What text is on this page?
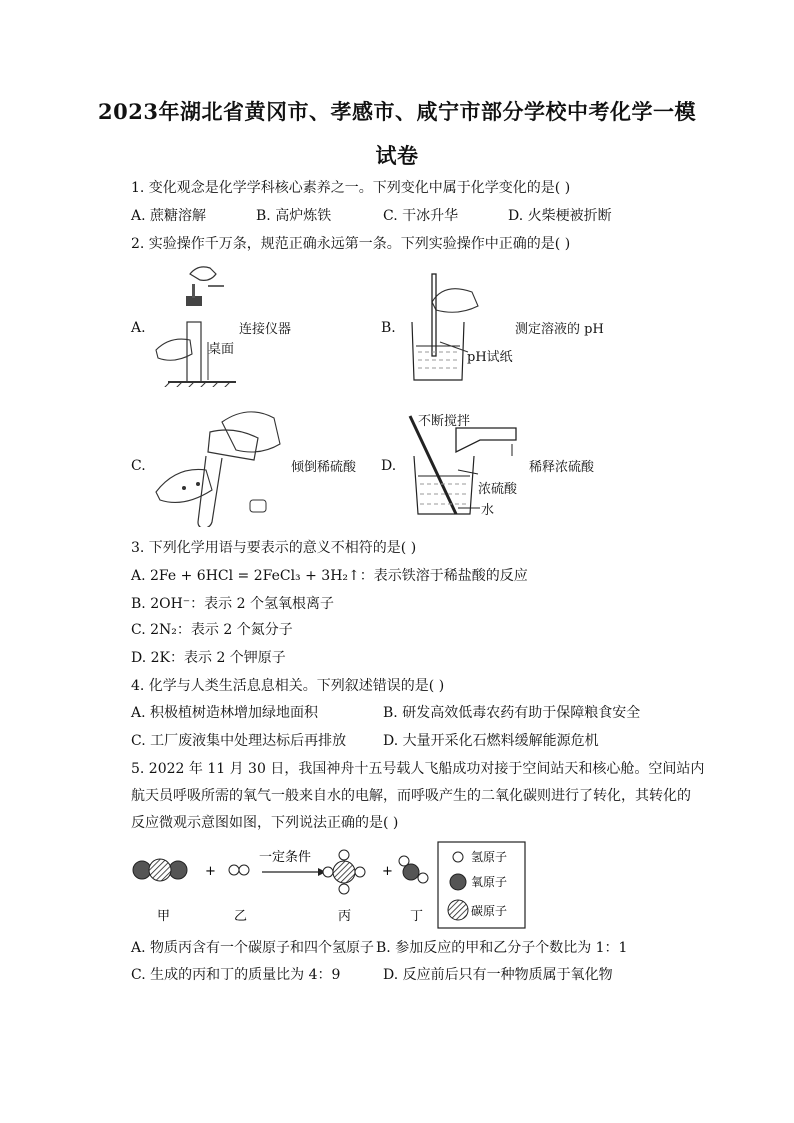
2023年湖北省黄冈市、孝感市、咸宁市部分学校中考化学一模
试卷
1. 变化观念是化学学科核心素养之一。下列变化中属于化学变化的是( )
A. 蔗糖溶解	B. 高炉炼铁	C. 干冰升华	D. 火柴梗被折断
2. 实验操作千万条，规范正确永远第一条。下列实验操作中正确的是( )
A.
桌面
连接仪器	B.
pH试纸
测定溶液的 pH
C.	倾倒稀硫酸 D.
不断搅拌
稀释浓硫酸
浓硫酸
水
3. 下列化学用语与要表示的意义不相符的是( )
A. 2Fe + 6HCl = 2FeCl₃ + 3H₂↑：表示铁溶于稀盐酸的反应
B. 2OH⁻：表示 2 个氢氧根离子
C. 2N₂：表示 2 个氮分子
D. 2K：表示 2 个钾原子
4. 化学与人类生活息息相关。下列叙述错误的是( )
A. 积极植树造林增加绿地面积	B. 研发高效低毒农药有助于保障粮食安全
C. 工厂废液集中处理达标后再排放	D. 大量开采化石燃料缓解能源危机
5. 2022 年 11 月 30 日，我国神舟十五号载人飞船成功对接于空间站天和核心舱。空间站内
航天员呼吸所需的氧气一般来自水的电解，而呼吸产生的二氧化碳则进行了转化，其转化的
反应微观示意图如图，下列说法正确的是( )
+
一定条件
+
甲	乙	丙	丁
氢原子
氧原子
碳原子
A. 物质丙含有一个碳原子和四个氢原子 B. 参加反应的甲和乙分子个数比为 1：1
C. 生成的丙和丁的质量比为 4：9	D. 反应前后只有一种物质属于氧化物
